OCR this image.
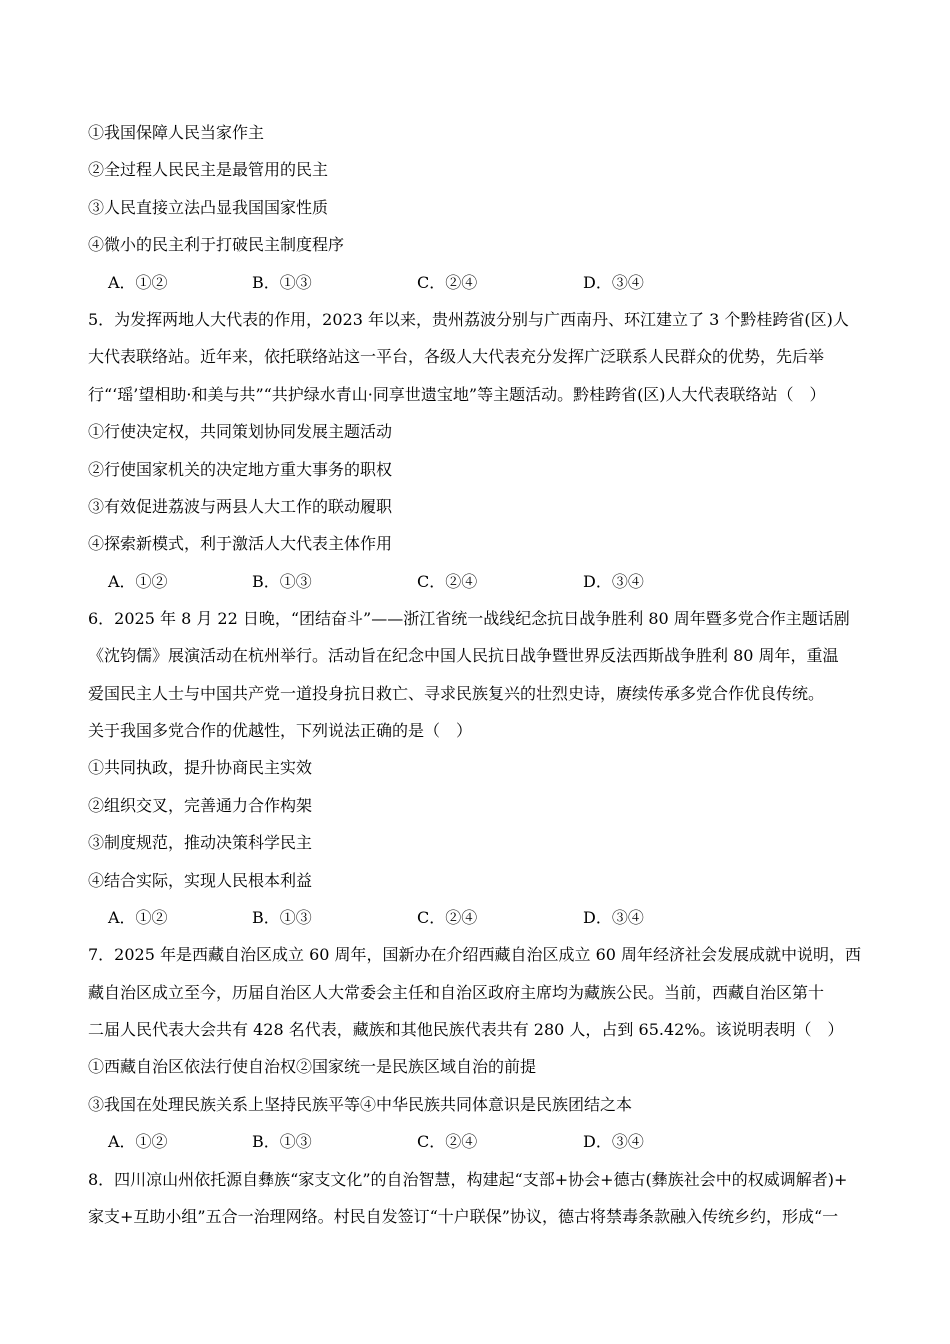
①我国保障人民当家作主
②全过程人民民主是最管用的民主
③人民直接立法凸显我国国家性质
④微小的民主利于打破民主制度程序
A．①②	B．①③	C．②④	D．③④
5．为发挥两地人大代表的作用，2023 年以来，贵州荔波分别与广西南丹、环江建立了 3 个黔桂跨省(区)人
大代表联络站。近年来，依托联络站这一平台，各级人大代表充分发挥广泛联系人民群众的优势，先后举
行“‘瑶’望相助·和美与共”“共护绿水青山·同享世遗宝地”等主题活动。黔桂跨省(区)人大代表联络站（　）
①行使决定权，共同策划协同发展主题活动
②行使国家机关的决定地方重大事务的职权
③有效促进荔波与两县人大工作的联动履职
④探索新模式，利于激活人大代表主体作用
A．①②	B．①③	C．②④	D．③④
6．2025 年 8 月 22 日晚，“团结奋斗”——浙江省统一战线纪念抗日战争胜利 80 周年暨多党合作主题话剧
《沈钧儒》展演活动在杭州举行。活动旨在纪念中国人民抗日战争暨世界反法西斯战争胜利 80 周年，重温
爱国民主人士与中国共产党一道投身抗日救亡、寻求民族复兴的壮烈史诗，赓续传承多党合作优良传统。
关于我国多党合作的优越性，下列说法正确的是（　）
①共同执政，提升协商民主实效
②组织交叉，完善通力合作构架
③制度规范，推动决策科学民主
④结合实际，实现人民根本利益
A．①②	B．①③	C．②④	D．③④
7．2025 年是西藏自治区成立 60 周年，国新办在介绍西藏自治区成立 60 周年经济社会发展成就中说明，西
藏自治区成立至今，历届自治区人大常委会主任和自治区政府主席均为藏族公民。当前，西藏自治区第十
二届人民代表大会共有 428 名代表，藏族和其他民族代表共有 280 人，占到 65.42%。该说明表明（　）
①西藏自治区依法行使自治权②国家统一是民族区域自治的前提
③我国在处理民族关系上坚持民族平等④中华民族共同体意识是民族团结之本
A．①②	B．①③	C．②④	D．③④
8．四川凉山州依托源自彝族“家支文化”的自治智慧，构建起“支部+协会+德古(彝族社会中的权威调解者)+
家支+互助小组”五合一治理网络。村民自发签订“十户联保”协议，德古将禁毒条款融入传统乡约，形成“一
